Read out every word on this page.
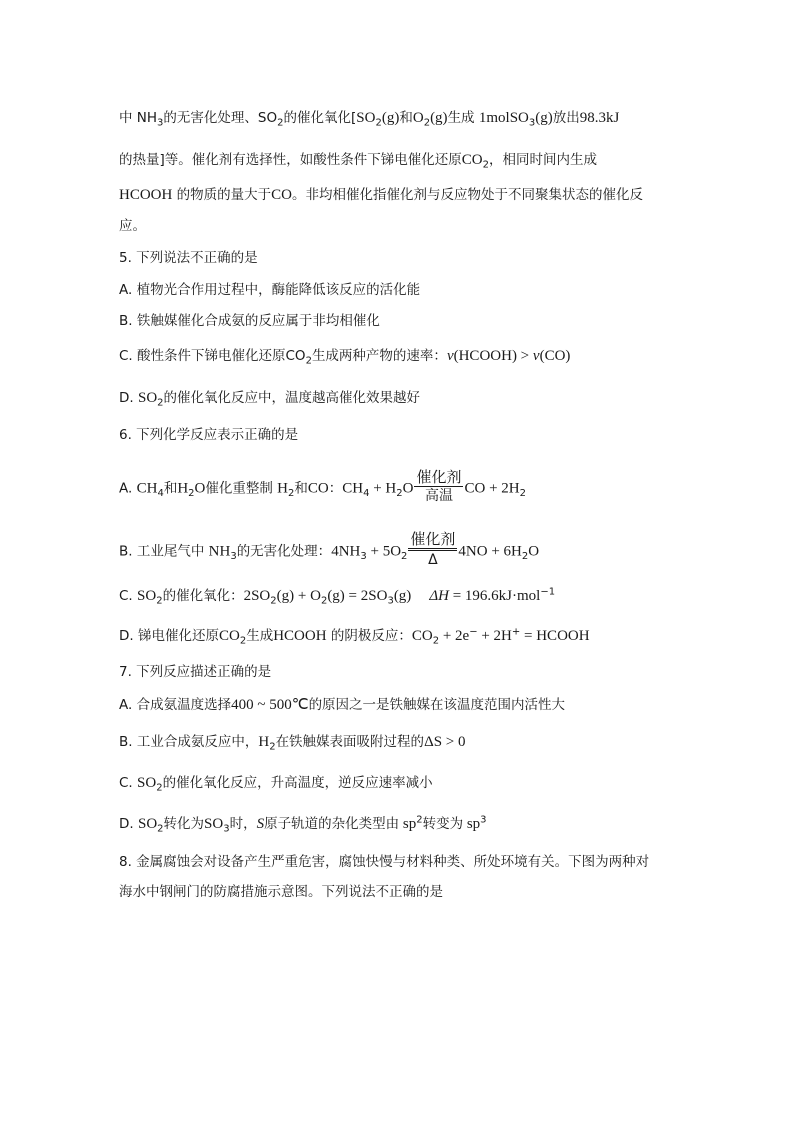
中 $NH_3$的无害化处理、$SO_2$的催化氧化[$SO_2(g)$和$O_2(g)$生成 1molSO$_3$(g)放出98.3kJ
的热量]等。催化剂有选择性，如酸性条件下锑电催化还原$CO_2$，相同时间内生成
HCOOH 的物质的量大于CO。非均相催化指催化剂与反应物处于不同聚集状态的催化反
应。
5. 下列说法不正确的是
A. 植物光合作用过程中，酶能降低该反应的活化能
B. 铁触媒催化合成氨的反应属于非均相催化
C. 酸性条件下锑电催化还原$CO_2$生成两种产物的速率：v(HCOOH) > v(CO)
D. $SO_2$的催化氧化反应中，温度越高催化效果越好
6. 下列化学反应表示正确的是
A. $CH_4$和$H_2O$催化重整制 $H_2$和CO：$CH_4 + H_2O \frac{\text{催化剂}}{\text{高温}}$ CO + $2H_2$
B. 工业尾气中 $NH_3$的无害化处理：$4NH_3 + 5O_2 \frac{\text{催化剂}}{\Delta} 4NO + 6H_2O$
C. $SO_2$的催化氧化：$2SO_2(g) + O_2(g) = 2SO_3(g) \Delta H = 196.6kJ\cdot mol^{-1}$
D. 锑电催化还原$CO_2$生成HCOOH 的阴极反应：$CO_2 + 2e^- + 2H^+$ = HCOOH
7. 下列反应描述正确的是
A. 合成氨温度选择400 ~ 500℃的原因之一是铁触媒在该温度范围内活性大
B. 工业合成氨反应中，$H_2$在铁触媒表面吸附过程的ΔS > 0
C. $SO_2$的催化氧化反应，升高温度，逆反应速率减小
D. $SO_2$转化为$SO_3$时，S原子轨道的杂化类型由 $sp^2$转变为 $sp^3$
8. 金属腐蚀会对设备产生严重危害，腐蚀快慢与材料种类、所处环境有关。下图为两种对
海水中钢闸门的防腐措施示意图。下列说法不正确的是
